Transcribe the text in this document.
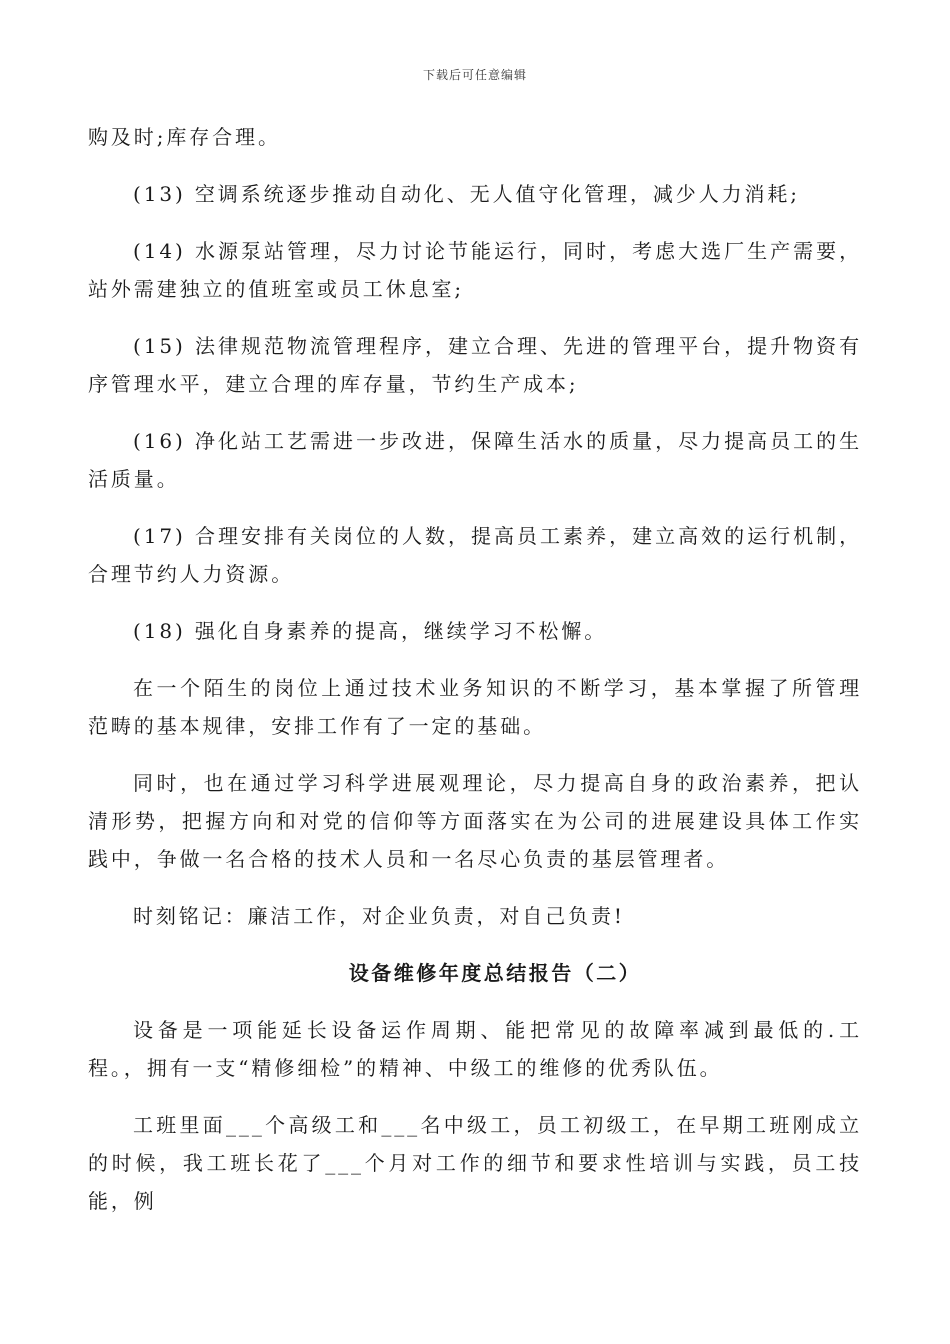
下载后可任意编辑

购及时;库存合理。

(13) 空调系统逐步推动自动化、无人值守化管理，减少人力消耗;

(14) 水源泵站管理，尽力讨论节能运行，同时，考虑大选厂生产需要，站外需建独立的值班室或员工休息室;

(15) 法律规范物流管理程序，建立合理、先进的管理平台，提升物资有序管理水平，建立合理的库存量，节约生产成本;

(16) 净化站工艺需进一步改进，保障生活水的质量，尽力提高员工的生活质量。

(17) 合理安排有关岗位的人数，提高员工素养，建立高效的运行机制，合理节约人力资源。

(18) 强化自身素养的提高，继续学习不松懈。

在一个陌生的岗位上通过技术业务知识的不断学习，基本掌握了所管理范畴的基本规律，安排工作有了一定的基础。

同时，也在通过学习科学进展观理论，尽力提高自身的政治素养，把认清形势，把握方向和对党的信仰等方面落实在为公司的进展建设具体工作实践中，争做一名合格的技术人员和一名尽心负责的基层管理者。

时刻铭记：廉洁工作，对企业负责，对自己负责!

设备维修年度总结报告（二）

设备是一项能延长设备运作周期、能把常见的故障率减到最低的.工程。，拥有一支“精修细检”的精神、中级工的维修的优秀队伍。

工班里面___个高级工和___名中级工，员工初级工，在早期工班刚成立的时候，我工班长花了___个月对工作的细节和要求性培训与实践，员工技能，例
